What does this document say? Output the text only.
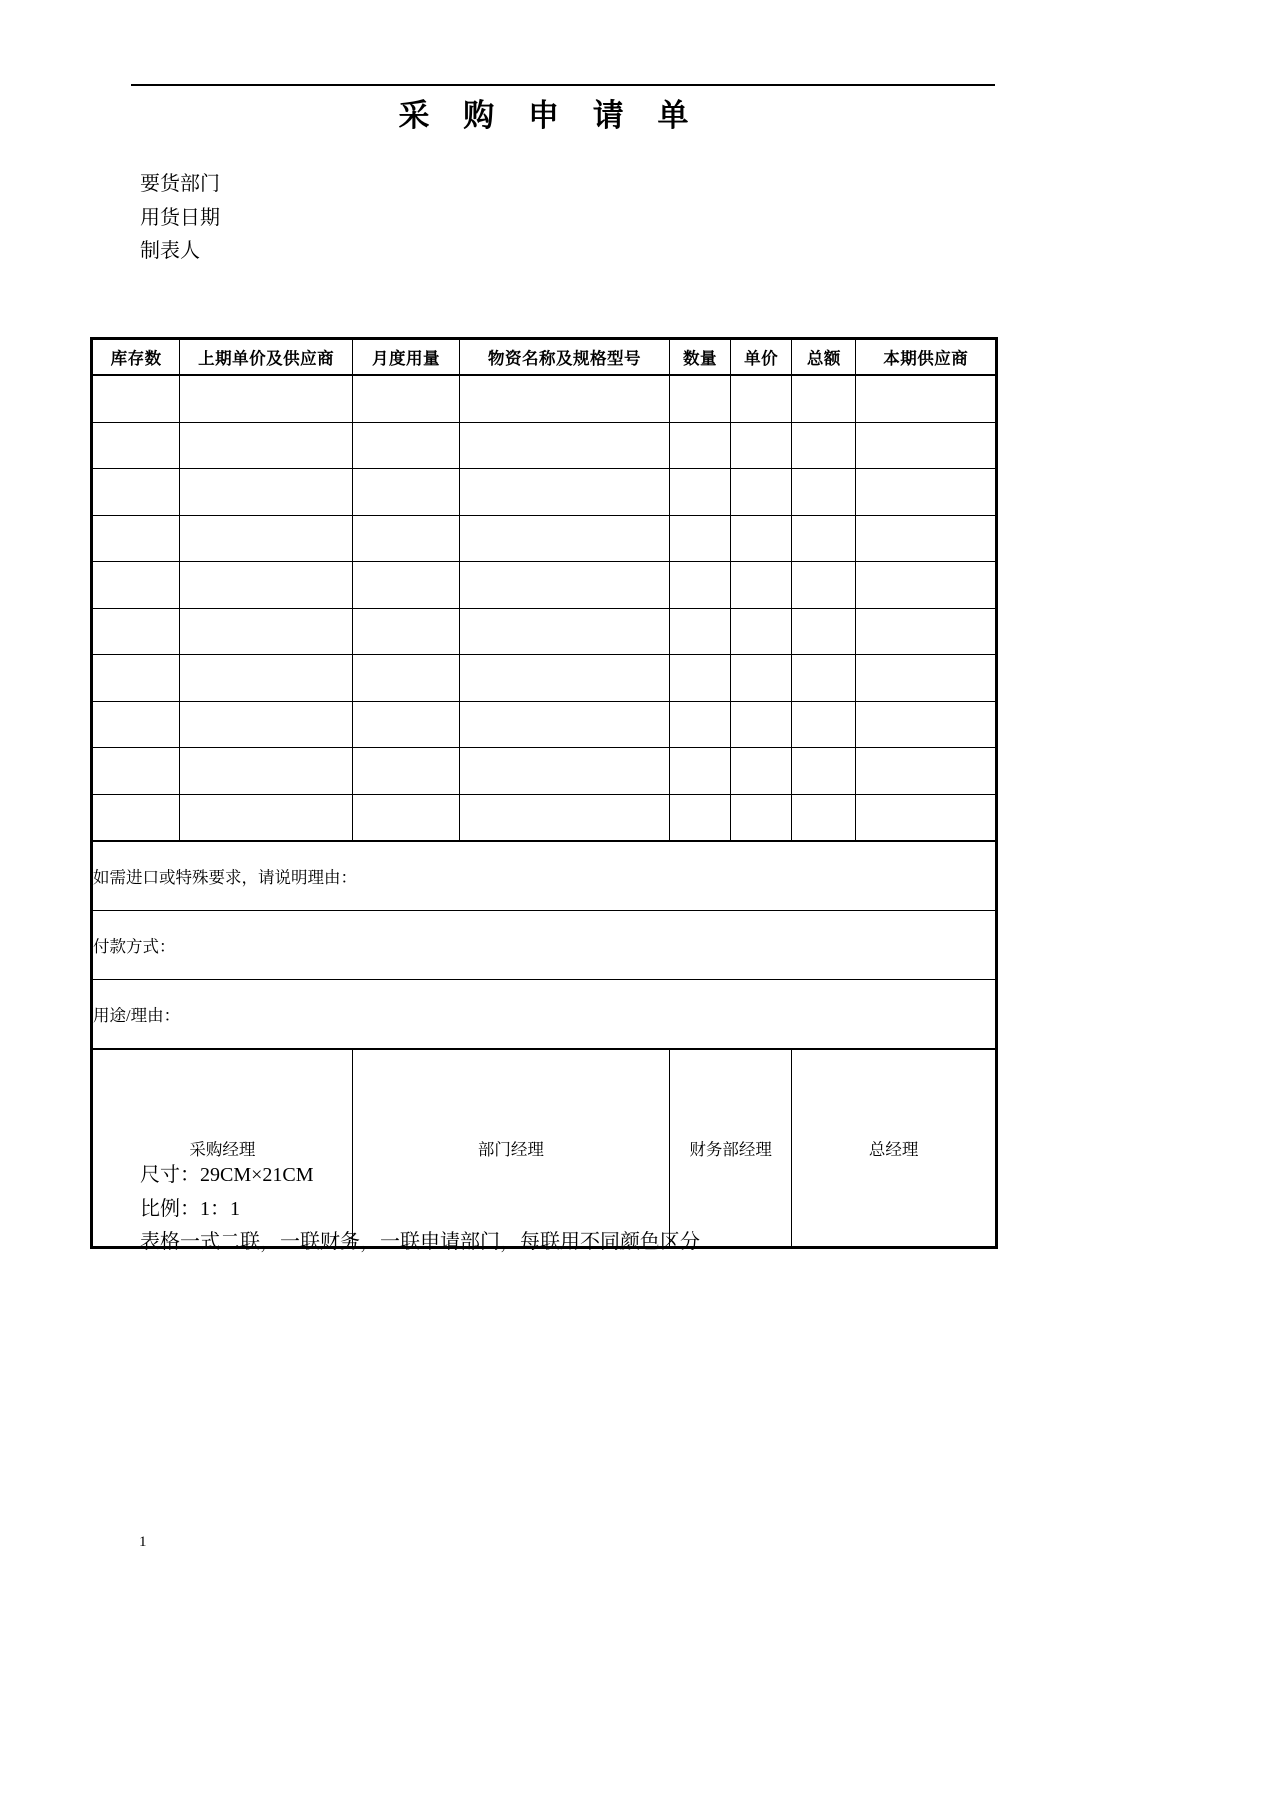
采 购 申 请 单
要货部门
用货日期
制表人
库存数	上期单价及供应商	月度用量	物资名称及规格型号	数量	单价	总额	本期供应商

如需进口或特殊要求，请说明理由：							
付款方式：							
用途/理由：							
采购经理		部门经理		财务部经理		总经理	
尺寸：29CM×21CM
比例：1：1
表格一式二联，一联财务，一联申请部门，每联用不同颜色区分
1
